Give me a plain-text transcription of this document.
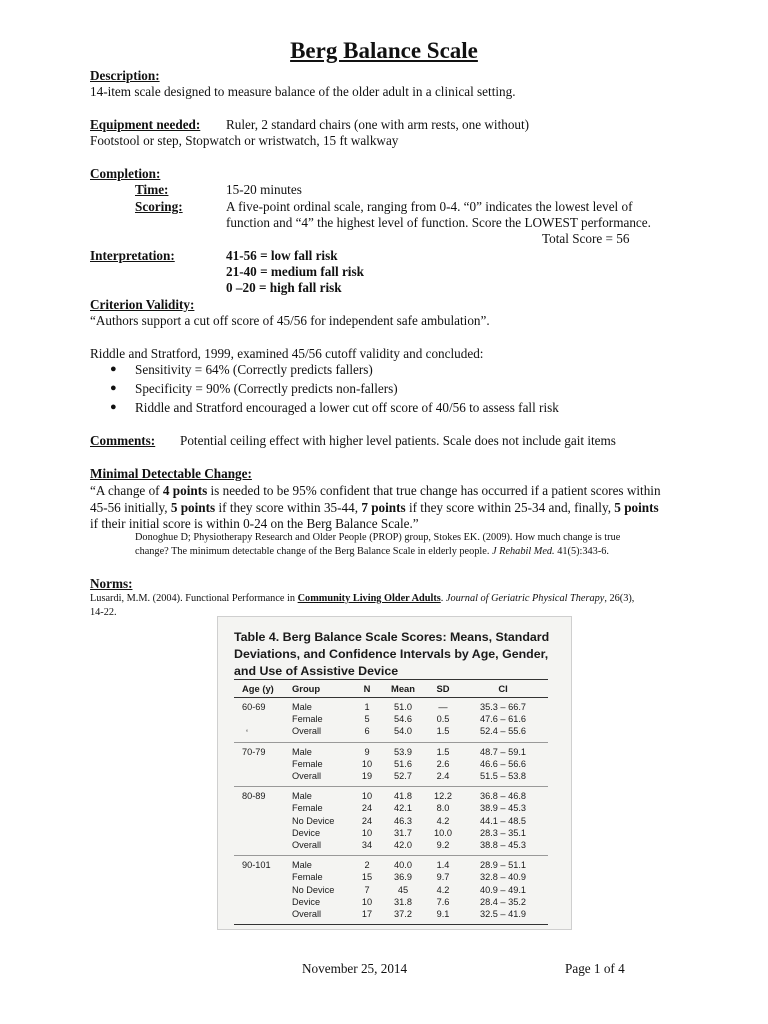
Berg Balance Scale
Description:
14-item scale designed to measure balance of the older adult in a clinical setting.
Equipment needed: Ruler, 2 standard chairs (one with arm rests, one without)
Footstool or step, Stopwatch or wristwatch, 15 ft walkway
Completion:
Time:	15-20 minutes
Scoring:	A five-point ordinal scale, ranging from 0-4. “0” indicates the lowest level of
function and “4” the highest level of function. Score the LOWEST performance.
Total Score = 56
Interpretation:	41-56 = low fall risk
21-40 = medium fall risk
0 –20 = high fall risk
Criterion Validity:
“Authors support a cut off score of 45/56 for independent safe ambulation”.
Riddle and Stratford, 1999, examined 45/56 cutoff validity and concluded:
● Sensitivity = 64% (Correctly predicts fallers)
● Specificity = 90% (Correctly predicts non-fallers)
● Riddle and Stratford encouraged a lower cut off score of 40/56 to assess fall risk
Comments: Potential ceiling effect with higher level patients. Scale does not include gait items
Minimal Detectable Change:
“A change of 4 points is needed to be 95% confident that true change has occurred if a patient scores within
45-56 initially, 5 points if they score within 35-44, 7 points if they score within 25-34 and, finally, 5 points
if their initial score is within 0-24 on the Berg Balance Scale.”
Donoghue D; Physiotherapy Research and Older People (PROP) group, Stokes EK. (2009). How much change is true
change? The minimum detectable change of the Berg Balance Scale in elderly people. J Rehabil Med. 41(5):343-6.
Norms:
Lusardi, M.M. (2004). Functional Performance in Community Living Older Adults. Journal of Geriatric Physical Therapy, 26(3),
14-22.
Table 4. Berg Balance Scale Scores: Means, Standard Deviations, and Confidence Intervals by Age, Gender, and Use of Assistive Device
Age (y)	Group	N	Mean	SD	CI
60-69	Male	1	51.0	—	35.3 – 66.7
Female	5	54.6	0.5	47.6 – 61.6
Overall	6	54.0	1.5	52.4 – 55.6
ʻ
70-79	Male	9	53.9	1.5	48.7 – 59.1
Female	10	51.6	2.6	46.6 – 56.6
Overall	19	52.7	2.4	51.5 – 53.8
80-89	Male	10	41.8	12.2	36.8 – 46.8
Female	24	42.1	8.0	38.9 – 45.3
No Device	24	46.3	4.2	44.1 – 48.5
Device	10	31.7	10.0	28.3 – 35.1
Overall	34	42.0	9.2	38.8 – 45.3
90-101	Male	2	40.0	1.4	28.9 – 51.1
Female	15	36.9	9.7	32.8 – 40.9
No Device	7	45	4.2	40.9 – 49.1
Device	10	31.8	7.6	28.4 – 35.2
Overall	17	37.2	9.1	32.5 – 41.9
November 25, 2014	Page 1 of 4
